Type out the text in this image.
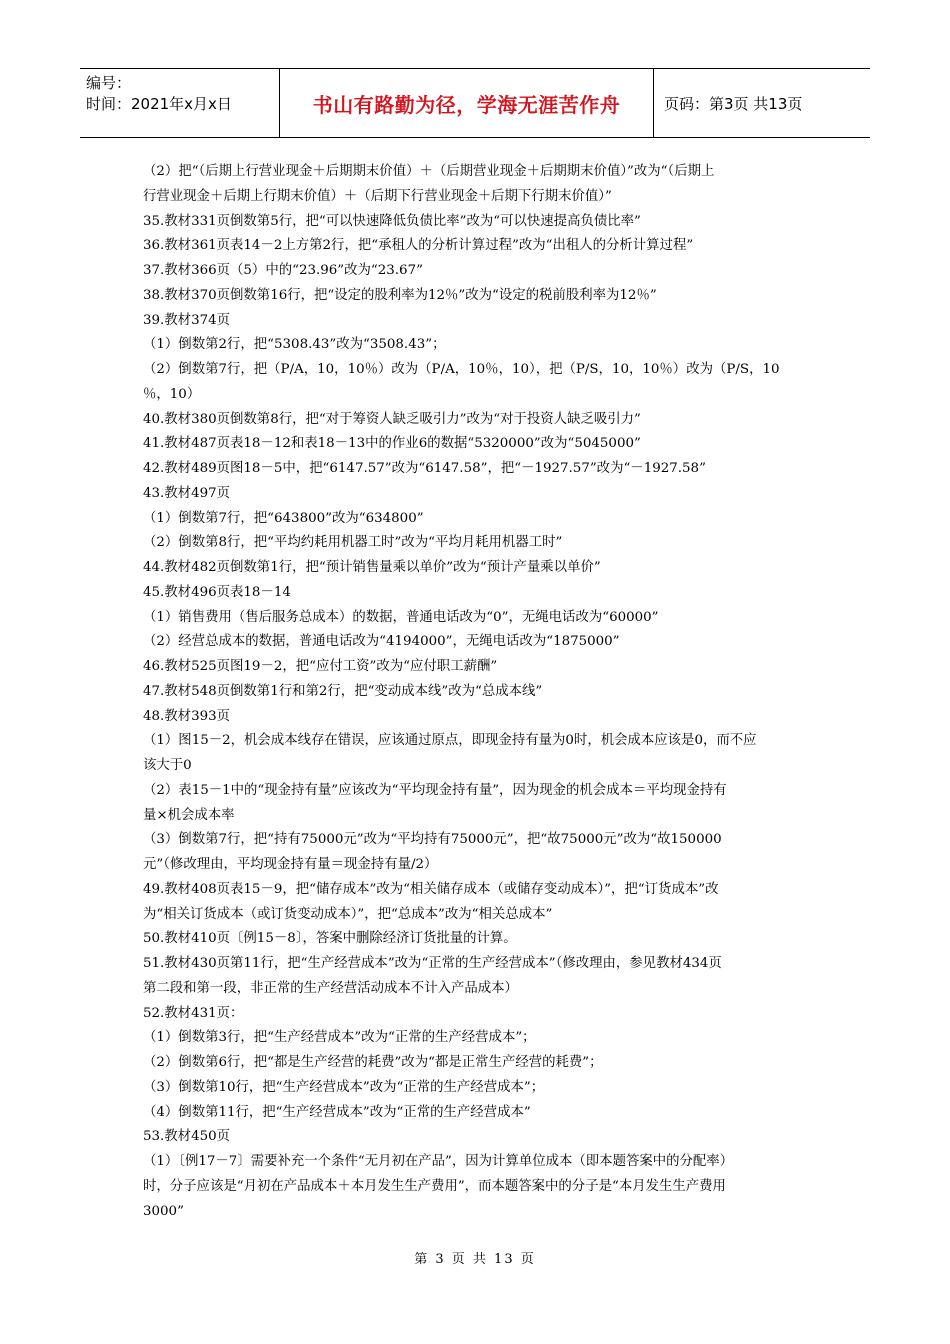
编号：
时间：2021年x月x日	书山有路勤为径，学海无涯苦作舟	页码：第3页 共13页
（2）把“（后期上行营业现金＋后期期末价值）＋（后期营业现金＋后期期末价值）”改为“（后期上
行营业现金＋后期上行期末价值）＋（后期下行营业现金＋后期下行期末价值）”
35.教材331页倒数第5行，把“可以快速降低负债比率”改为“可以快速提高负债比率”
36.教材361页表14－2上方第2行，把“承租人的分析计算过程”改为“出租人的分析计算过程”
37.教材366页（5）中的“23.96”改为“23.67”
38.教材370页倒数第16行，把“设定的股利率为12％”改为“设定的税前股利率为12％”
39.教材374页
（1）倒数第2行，把“5308.43”改为“3508.43”；
（2）倒数第7行，把（P/A，10，10％）改为（P/A，10％，10），把（P/S，10，10％）改为（P/S，10
％，10）
40.教材380页倒数第8行，把“对于筹资人缺乏吸引力”改为“对于投资人缺乏吸引力”
41.教材487页表18－12和表18－13中的作业6的数据“5320000”改为“5045000”
42.教材489页图18－5中，把“6147.57”改为“6147.58”，把“－1927.57”改为“－1927.58”
43.教材497页
（1）倒数第7行，把“643800”改为“634800”
（2）倒数第8行，把“平均约耗用机器工时”改为“平均月耗用机器工时”
44.教材482页倒数第1行，把“预计销售量乘以单价”改为“预计产量乘以单价”
45.教材496页表18－14
（1）销售费用（售后服务总成本）的数据，普通电话改为“0”，无绳电话改为“60000”
（2）经营总成本的数据，普通电话改为“4194000”，无绳电话改为“1875000”
46.教材525页图19－2，把“应付工资”改为“应付职工薪酬”
47.教材548页倒数第1行和第2行，把“变动成本线”改为“总成本线”
48.教材393页
（1）图15－2，机会成本线存在错误，应该通过原点，即现金持有量为0时，机会成本应该是0，而不应
该大于0
（2）表15－1中的“现金持有量”应该改为“平均现金持有量”，因为现金的机会成本＝平均现金持有
量×机会成本率
（3）倒数第7行，把“持有75000元”改为“平均持有75000元”，把“故75000元”改为“故150000
元”（修改理由，平均现金持有量＝现金持有量/2）
49.教材408页表15－9，把“储存成本”改为“相关储存成本（或储存变动成本）”，把“订货成本”改
为“相关订货成本（或订货变动成本）”，把“总成本”改为“相关总成本”
50.教材410页〔例15－8〕，答案中删除经济订货批量的计算。
51.教材430页第11行，把“生产经营成本”改为“正常的生产经营成本”（修改理由，参见教材434页
第二段和第一段，非正常的生产经营活动成本不计入产品成本）
52.教材431页：
（1）倒数第3行，把“生产经营成本”改为“正常的生产经营成本”；
（2）倒数第6行，把“都是生产经营的耗费”改为“都是正常生产经营的耗费”；
（3）倒数第10行，把“生产经营成本”改为“正常的生产经营成本”；
（4）倒数第11行，把“生产经营成本”改为“正常的生产经营成本”
53.教材450页
（1）〔例17－7〕需要补充一个条件“无月初在产品”，因为计算单位成本（即本题答案中的分配率）
时，分子应该是“月初在产品成本＋本月发生生产费用”，而本题答案中的分子是“本月发生生产费用
3000”
第 3 页 共 13 页
